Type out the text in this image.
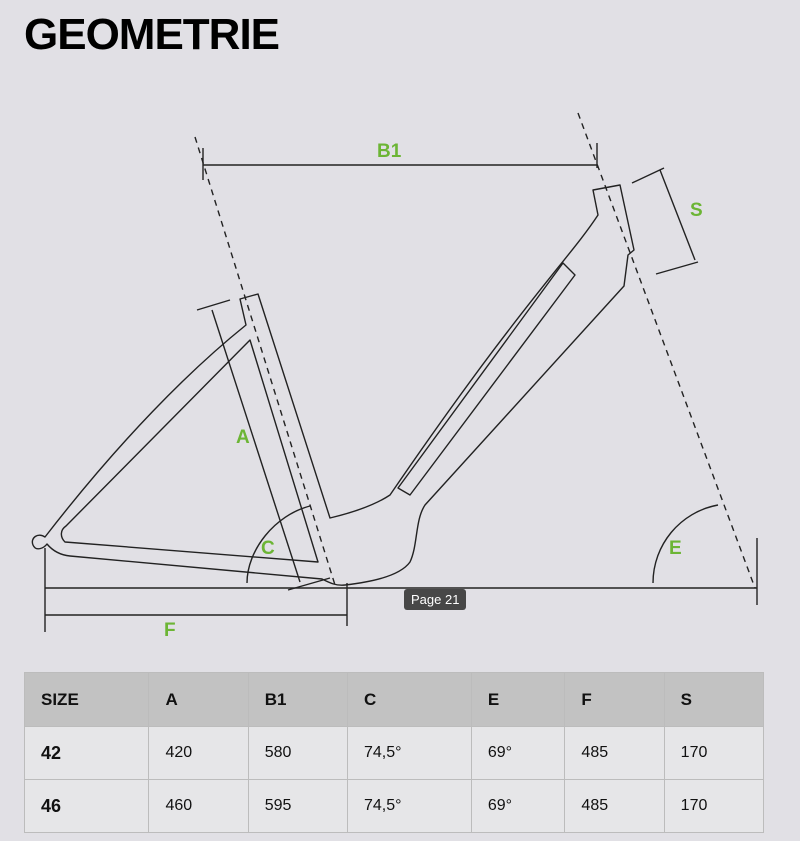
GEOMETRIE
B1
S
A
C	E
F
Page 21
SIZE	A	B1	C	E	F	S
42	420	580	74,5°	69°	485	170
46	460	595	74,5°	69°	485	170
